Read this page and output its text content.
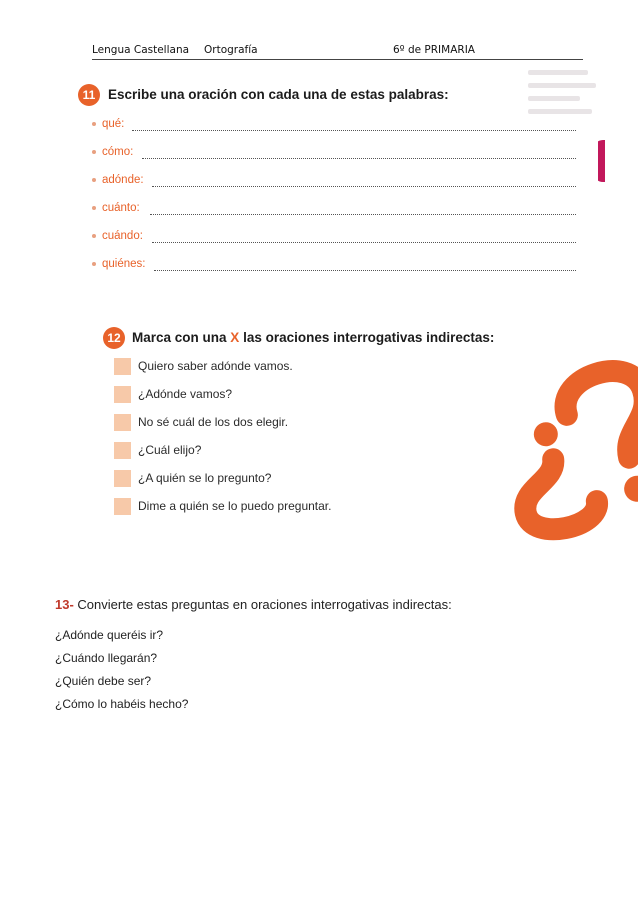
Lengua Castellana Ortografía	6º de PRIMARIA
11 Escribe una oración con cada una de estas palabras:
qué:
cómo:
adónde:
cuánto:
cuándo:
quiénes:
12 Marca con una X las oraciones interrogativas indirectas:
Quiero saber adónde vamos.
¿Adónde vamos?
No sé cuál de los dos elegir.
¿Cuál elijo?
¿A quién se lo pregunto?
Dime a quién se lo puedo preguntar.
13- Convierte estas preguntas en oraciones interrogativas indirectas:
¿Adónde queréis ir?
¿Cuándo llegarán?
¿Quién debe ser?
¿Cómo lo habéis hecho?
